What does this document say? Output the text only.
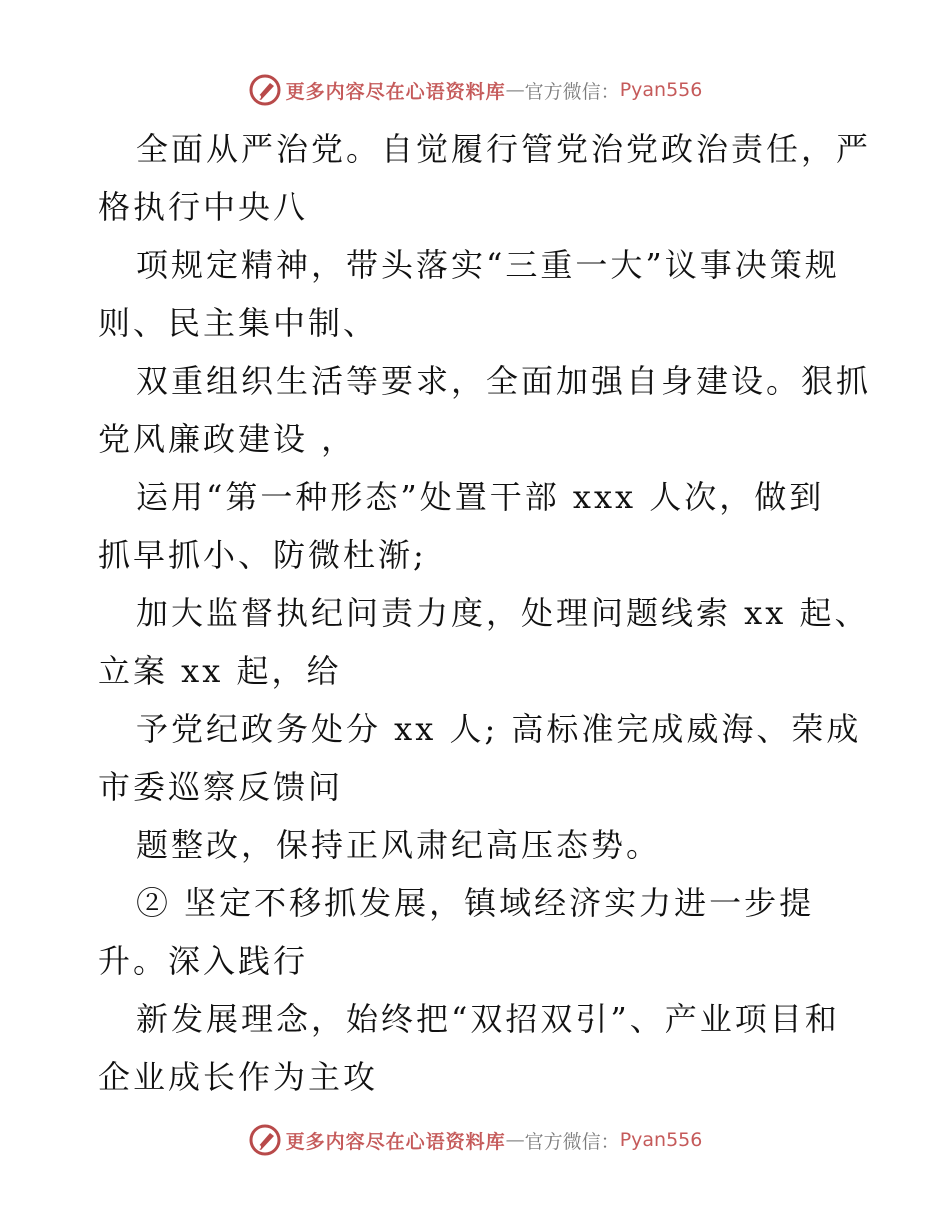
更多内容尽在心语资料库 — 官方微信： Pyan556
全面从严治党。自觉履行管党治党政治责任，严
格执行中央八
项规定精神，带头落实“三重一大”议事决策规
则、民主集中制、
双重组织生活等要求，全面加强自身建设。狠抓
党风廉政建设 ，
运用“第一种形态”处置干部 xxx 人次，做到
抓早抓小、防微杜渐;
加大监督执纪问责力度，处理问题线索 xx 起、
立案 xx 起，给
予党纪政务处分 xx 人; 高标准完成威海、荣成
市委巡察反馈问
题整改，保持正风肃纪高压态势。
② 坚定不移抓发展，镇域经济实力进一步提
升。深入践行
新发展理念，始终把“双招双引”、产业项目和
企业成长作为主攻
更多内容尽在心语资料库 — 官方微信： Pyan556
